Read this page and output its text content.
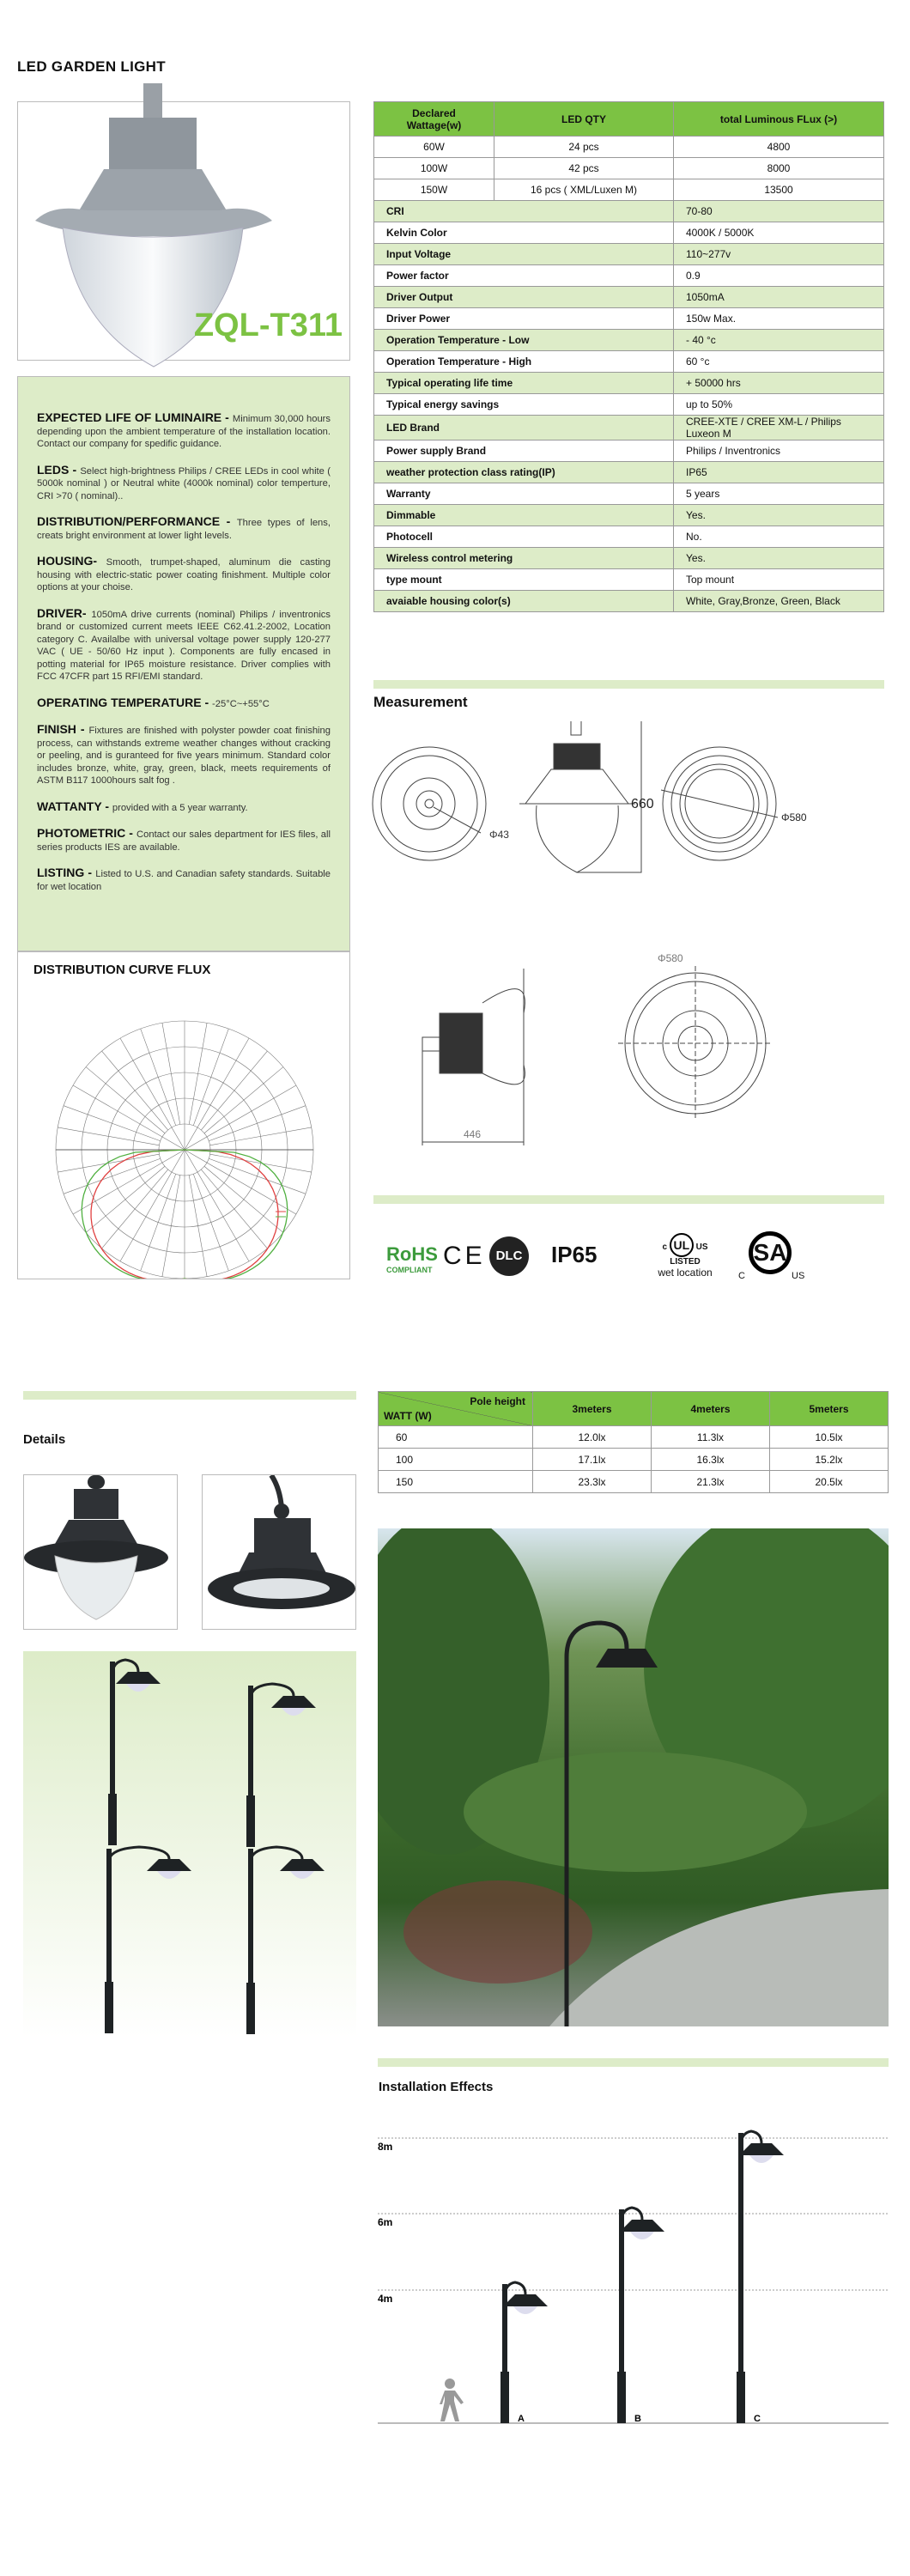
LED GARDEN LIGHT
ZQL-T311

EXPECTED LIFE OF LUMINAIRE - Minimum 30,000 hours depending upon the ambient temperature of the installation location. Contact our company for spedific guidance.

LEDS - Select high-brightness Philips / CREE LEDs in cool white ( 5000k nominal ) or Neutral white (4000k nominal) color temperture, CRI >70 ( nominal)..

DISTRIBUTION/PERFORMANCE - Three types of lens, creats bright environment at lower light levels.

HOUSING- Smooth, trumpet-shaped, aluminum die casting housing with electric-static power coating finishment. Multiple color options at your choise.

DRIVER- 1050mA drive currents (nominal) Philips / inventronics brand or customized current meets IEEE C62.41.2-2002, Location category C. Availalbe with universal voltage power supply 120-277 VAC ( UE - 50/60 Hz input ). Components are fully encased in potting material for IP65 moisture resistance. Driver complies with FCC 47CFR part 15 RFI/EMI standard.

OPERATING TEMPERATURE - -25°C~+55°C

FINISH - Fixtures are finished with polyster powder coat finishing process, can withstands extreme weather changes without cracking or peeling, and is guranteed for five years minimum. Standard color includes bronze, white, gray, green, black, meets requirements of ASTM B117 1000hours salt fog .

WATTANTY - provided with a 5 year warranty.

PHOTOMETRIC - Contact our sales department for IES files, all series products IES are available.

LISTING - Listed to U.S. and Canadian safety standards. Suitable for wet location

DISTRIBUTION CURVE FLUX
Declared Wattage(w)	LED QTY	total Luminous FLux (>)
60W	24 pcs	4800
100W	42 pcs	8000
150W	16 pcs ( XML/Luxen M)	13500
CRI		70-80
Kelvin Color		4000K / 5000K
Input Voltage		110~277v
Power factor		0.9
Driver Output		1050mA
Driver Power		150w Max.
Operation Temperature - Low		- 40 °c
Operation Temperature - High		60 °c
Typical operating life time		+ 50000 hrs
Typical energy savings		up to 50%
LED Brand		CREE-XTE / CREE XM-L / Philips Luxeon M
Power supply Brand		Philips / Inventronics
weather protection class rating(IP)		IP65
Warranty		5 years
Dimmable		Yes.
Photocell		No.
Wireless control metering		Yes.
type mount		Top mount
avaiable housing color(s)		White, Gray,Bronze, Green, Black
Measurement
Φ43
660
Φ580
446
Φ580
RoHS
COMPLIANT CE DLC IP65	c UL US
LISTED
wet location
SA
C	US
Details
Pole height
WATT (W)	3meters	4meters	5meters
60	12.0lx	11.3lx	10.5lx
100	17.1lx	16.3lx	15.2lx
150	23.3lx	21.3lx	20.5lx
Installation Effects
8m
6m
4m
A	B	C
